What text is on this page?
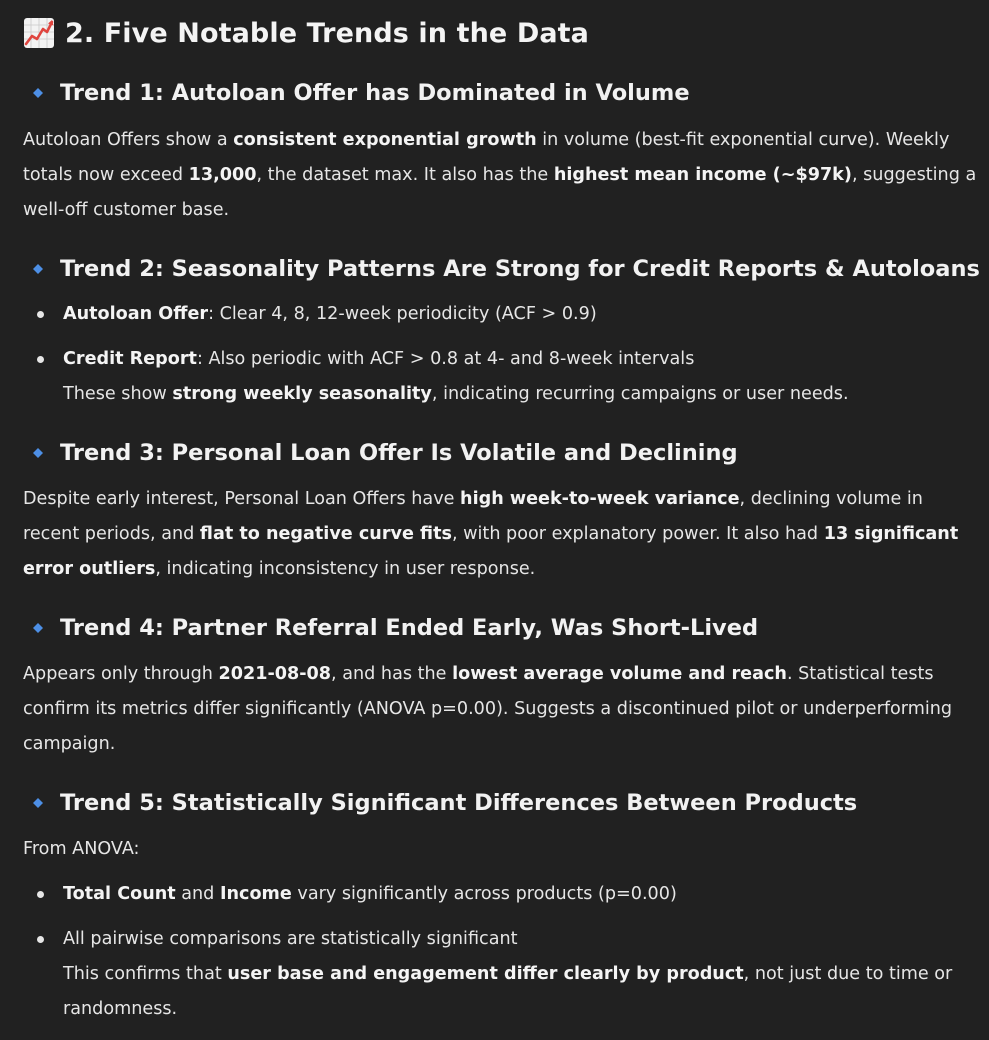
2. Five Notable Trends in the Data
Trend 1: Autoloan Offer has Dominated in Volume
Autoloan Offers show a consistent exponential growth in volume (best-fit exponential curve). Weekly totals now exceed 13,000, the dataset max. It also has the highest mean income (~$97k), suggesting a well-off customer base.
Trend 2: Seasonality Patterns Are Strong for Credit Reports & Autoloans
Autoloan Offer: Clear 4, 8, 12-week periodicity (ACF > 0.9)
Credit Report: Also periodic with ACF > 0.8 at 4- and 8-week intervals
These show strong weekly seasonality, indicating recurring campaigns or user needs.
Trend 3: Personal Loan Offer Is Volatile and Declining
Despite early interest, Personal Loan Offers have high week-to-week variance, declining volume in recent periods, and flat to negative curve fits, with poor explanatory power. It also had 13 significant error outliers, indicating inconsistency in user response.
Trend 4: Partner Referral Ended Early, Was Short-Lived
Appears only through 2021-08-08, and has the lowest average volume and reach. Statistical tests confirm its metrics differ significantly (ANOVA p=0.00). Suggests a discontinued pilot or underperforming campaign.
Trend 5: Statistically Significant Differences Between Products
From ANOVA:
Total Count and Income vary significantly across products (p=0.00)
All pairwise comparisons are statistically significant
This confirms that user base and engagement differ clearly by product, not just due to time or randomness.
